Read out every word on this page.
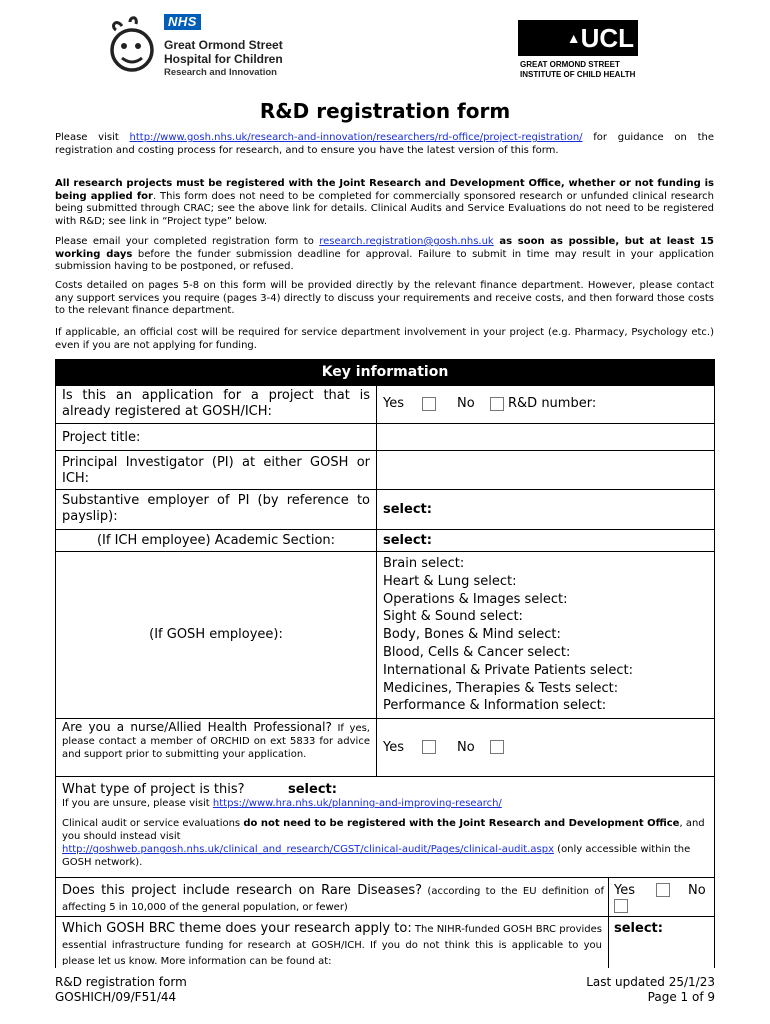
NHS
Great Ormond Street
Hospital for Children
Research and Innovation
▲UCL
GREAT ORMOND STREET
INSTITUTE OF CHILD HEALTH
R&D registration form

Please visit http://www.gosh.nhs.uk/research-and-innovation/researchers/rd-office/project-registration/ for guidance on the registration and costing process for research, and to ensure you have the latest version of this form.

All research projects must be registered with the Joint Research and Development Office, whether or not funding is being applied for. This form does not need to be completed for commercially sponsored research or unfunded clinical research being submitted through CRAC; see the above link for details. Clinical Audits and Service Evaluations do not need to be registered with R&D; see link in “Project type” below.

Please email your completed registration form to research.registration@gosh.nhs.uk as soon as possible, but at least 15 working days before the funder submission deadline for approval. Failure to submit in time may result in your application submission having to be postponed, or refused.

Costs detailed on pages 5-8 on this form will be provided directly by the relevant finance department. However, please contact any support services you require (pages 3-4) directly to discuss your requirements and receive costs, and then forward those costs to the relevant finance department.

If applicable, an official cost will be required for service department involvement in your project (e.g. Pharmacy, Psychology etc.) even if you are not applying for funding.

Key information
Is this an application for a project that is already registered at GOSH/ICH:
Yes	No	R&D number:
Project title:
Principal Investigator (PI) at either GOSH or ICH:
Substantive employer of PI (by reference to payslip):	select:
(If ICH employee) Academic Section:	select:
(If GOSH employee):
Brain select:
Heart & Lung select:
Operations & Images select:
Sight & Sound select:
Body, Bones & Mind select:
Blood, Cells & Cancer select:
International & Private Patients select:
Medicines, Therapies & Tests select:
Performance & Information select:
Are you a nurse/Allied Health Professional? If yes, please contact a member of ORCHID on ext 5833 for advice and support prior to submitting your application.	Yes	No
What type of project is this?	select:
If you are unsure, please visit https://www.hra.nhs.uk/planning-and-improving-research/
Clinical audit or service evaluations do not need to be registered with the Joint Research and Development Office, and you should instead visit
http://goshweb.pangosh.nhs.uk/clinical_and_research/CGST/clinical-audit/Pages/clinical-audit.aspx (only accessible within the GOSH network).
Does this project include research on Rare Diseases? (according to the EU definition of affecting 5 in 10,000 of the general population, or fewer)
Yes	No
Which GOSH BRC theme does your research apply to: The NIHR-funded GOSH BRC provides essential infrastructure funding for research at GOSH/ICH. If you do not think this is applicable to you please let us know. More information can be found at:
select:
R&D registration form
GOSHICH/09/F51/44
Last updated 25/1/23
Page 1 of 9
